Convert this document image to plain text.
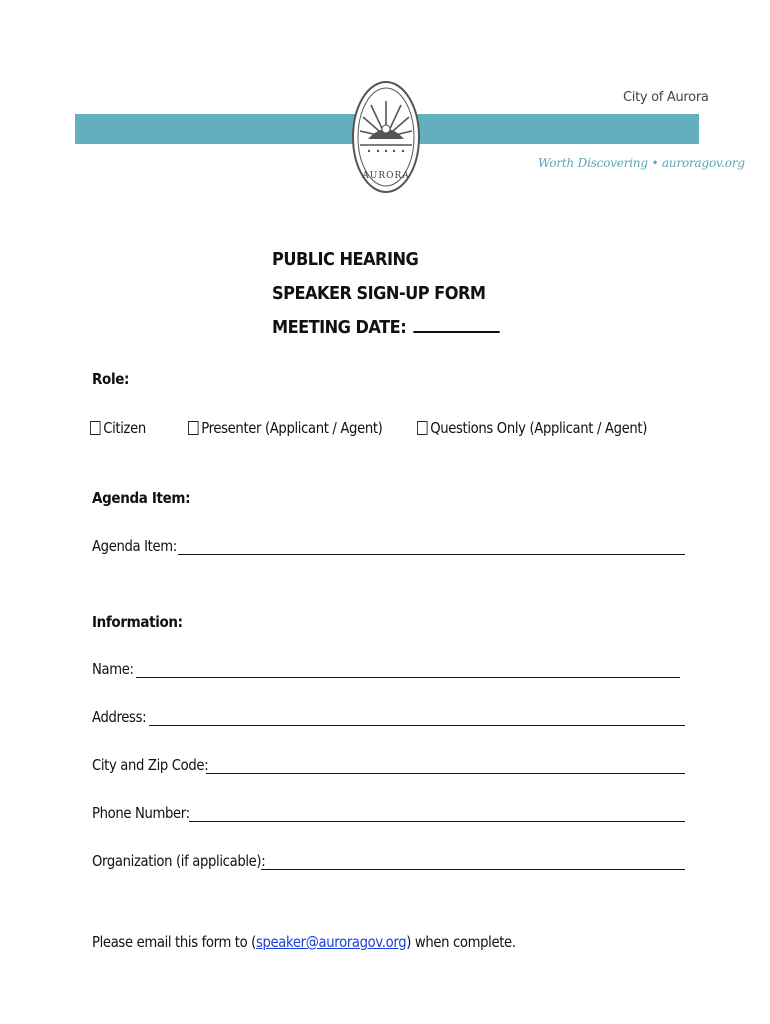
City of Aurora
Worth Discovering • auroragov.org
AURORA
PUBLIC HEARING
SPEAKER SIGN-UP FORM
MEETING DATE:
Role:
Citizen	Presenter (Applicant / Agent)	Questions Only (Applicant / Agent)
Agenda Item:
Agenda Item:
Information:
Name:
Address:
City and Zip Code:
Phone Number:
Organization (if applicable):
Please email this form to (speaker@auroragov.org) when complete.
